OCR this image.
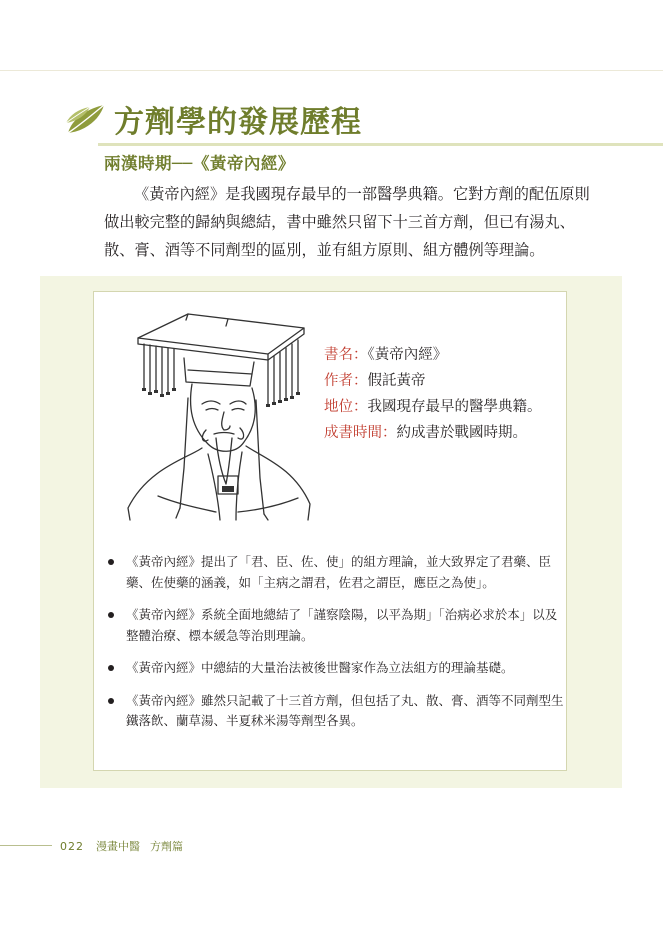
方劑學的發展歷程
兩漢時期──《黃帝內經》
《黃帝內經》是我國現存最早的一部醫學典籍。它對方劑的配伍原則
做出較完整的歸納與總結，書中雖然只留下十三首方劑，但已有湯丸、
散、膏、酒等不同劑型的區別，並有組方原則、組方體例等理論。
書名：《黃帝內經》
作者：假託黃帝
地位：我國現存最早的醫學典籍。
成書時間：約成書於戰國時期。
《黃帝內經》提出了「君、臣、佐、使」的組方理論，並大致界定了君藥、臣
藥、佐使藥的涵義，如「主病之謂君，佐君之謂臣，應臣之為使」。
《黃帝內經》系統全面地總結了「謹察陰陽，以平為期」「治病必求於本」以及
整體治療、標本緩急等治則理論。
《黃帝內經》中總結的大量治法被後世醫家作為立法組方的理論基礎。
《黃帝內經》雖然只記載了十三首方劑，但包括了丸、散、膏、酒等不同劑型生
鐵落飲、蘭草湯、半夏秫米湯等劑型各異。
022 漫畫中醫 方劑篇
